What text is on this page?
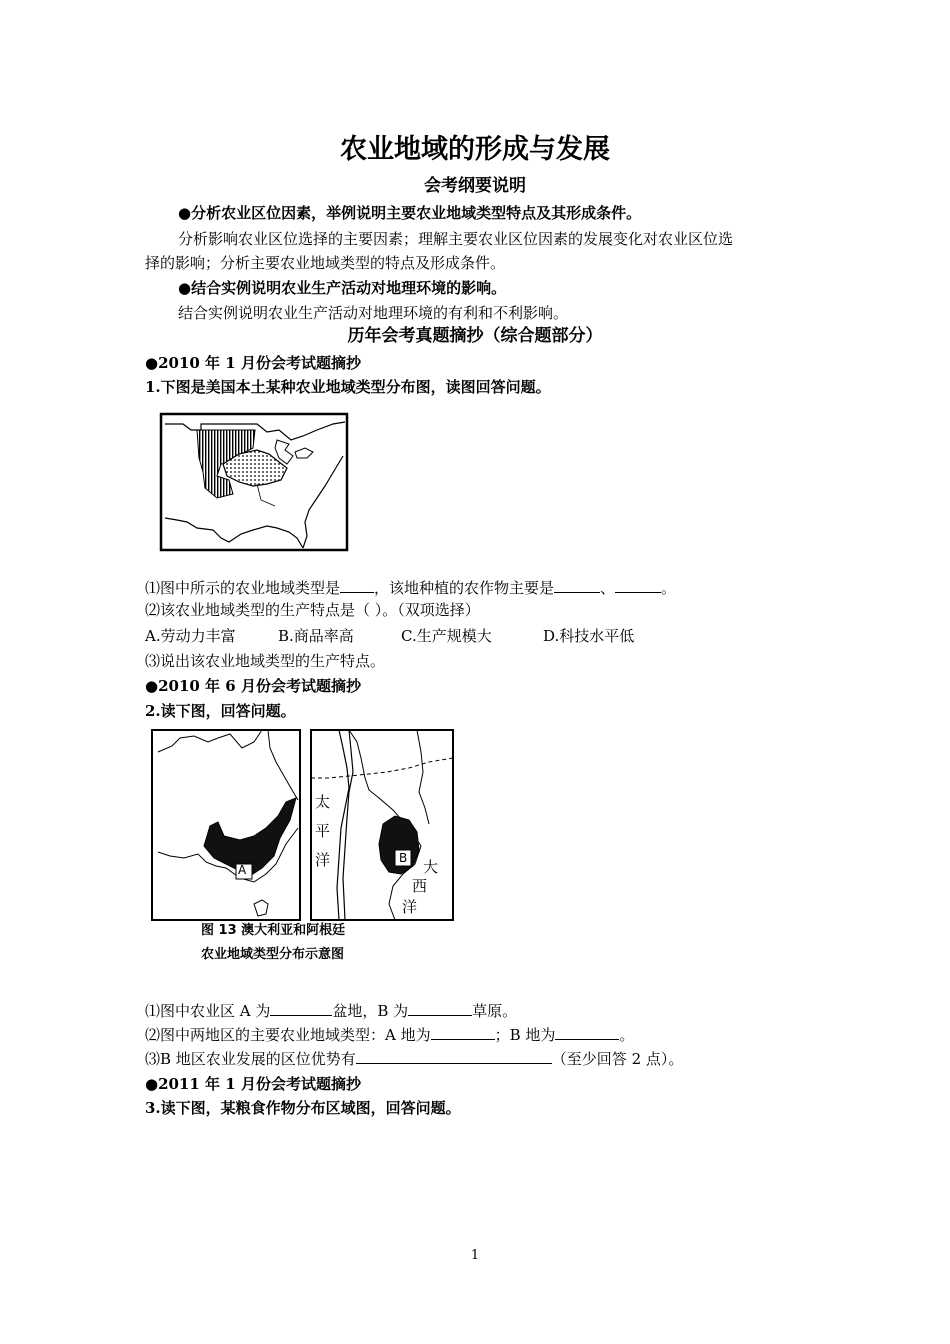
农业地域的形成与发展
会考纲要说明
●分析农业区位因素，举例说明主要农业地域类型特点及其形成条件。
分析影响农业区位选择的主要因素；理解主要农业区位因素的发展变化对农业区位选
择的影响；分析主要农业地域类型的特点及形成条件。
●结合实例说明农业生产活动对地理环境的影响。
结合实例说明农业生产活动对地理环境的有利和不利影响。
历年会考真题摘抄（综合题部分）
●2010 年 1 月份会考试题摘抄
1.下图是美国本土某种农业地域类型分布图，读图回答问题。
⑴图中所示的农业地域类型是 ，该地种植的农作物主要是	、	。
⑵该农业地域类型的生产特点是（ ）。（双项选择）
A.劳动力丰富	B.商品率高	C.生产规模大	D.科技水平低
⑶说出该农业地域类型的生产特点。
●2010 年 6 月份会考试题摘抄
2.读下图，回答问题。
A
B
太
平
洋	大
西
洋
图 13 澳大利亚和阿根廷
农业地域类型分布示意图
⑴图中农业区 A 为	盆地，B 为	草原。
⑵图中两地区的主要农业地域类型：A 地为	；B 地为	。
⑶B 地区农业发展的区位优势有	（至少回答 2 点）。
●2011 年 1 月份会考试题摘抄
3.读下图，某粮食作物分布区域图，回答问题。
1
